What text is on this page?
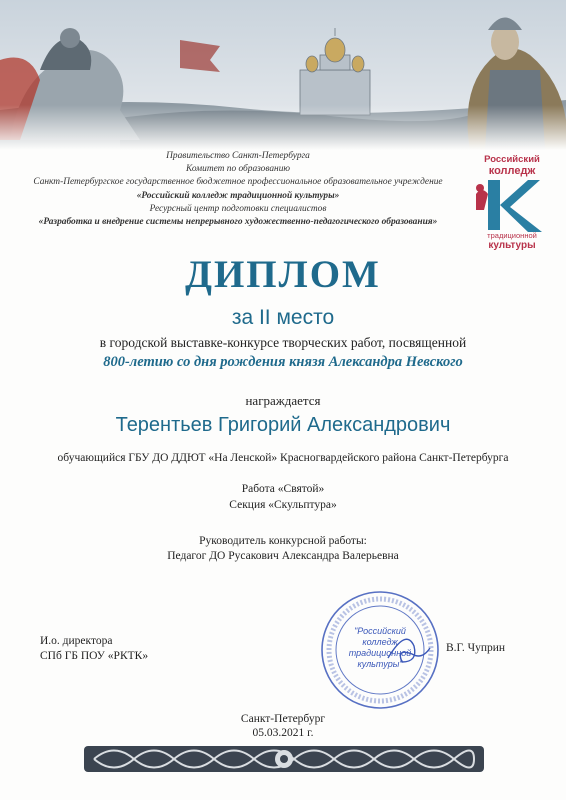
Правительство Санкт-Петербурга
Комитет по образованию
Санкт-Петербургское государственное бюджетное профессиональное образовательное учреждение
«Российский колледж традиционной культуры»
Ресурсный центр подготовки специалистов
«Разработка и внедрение системы непрерывного художественно-педагогического образования»
Российский
колледж
традиционной
культуры
ДИПЛОМ
за II место
в городской выставке-конкурсе творческих работ, посвященной
800-летию со дня рождения князя Александра Невского
награждается
Терентьев Григорий Александрович
обучающийся ГБУ ДО ДДЮТ «На Ленской» Красногвардейского района Санкт-Петербурга
Работа «Святой»
Секция «Скульптура»
Руководитель конкурсной работы:
Педагог ДО Русакович Александра Валерьевна
И.о. директора
СПб ГБ ПОУ «РКТК»
"Российский
колледж
традиционной
культуры"
В.Г. Чуприн
Санкт-Петербург
05.03.2021 г.
